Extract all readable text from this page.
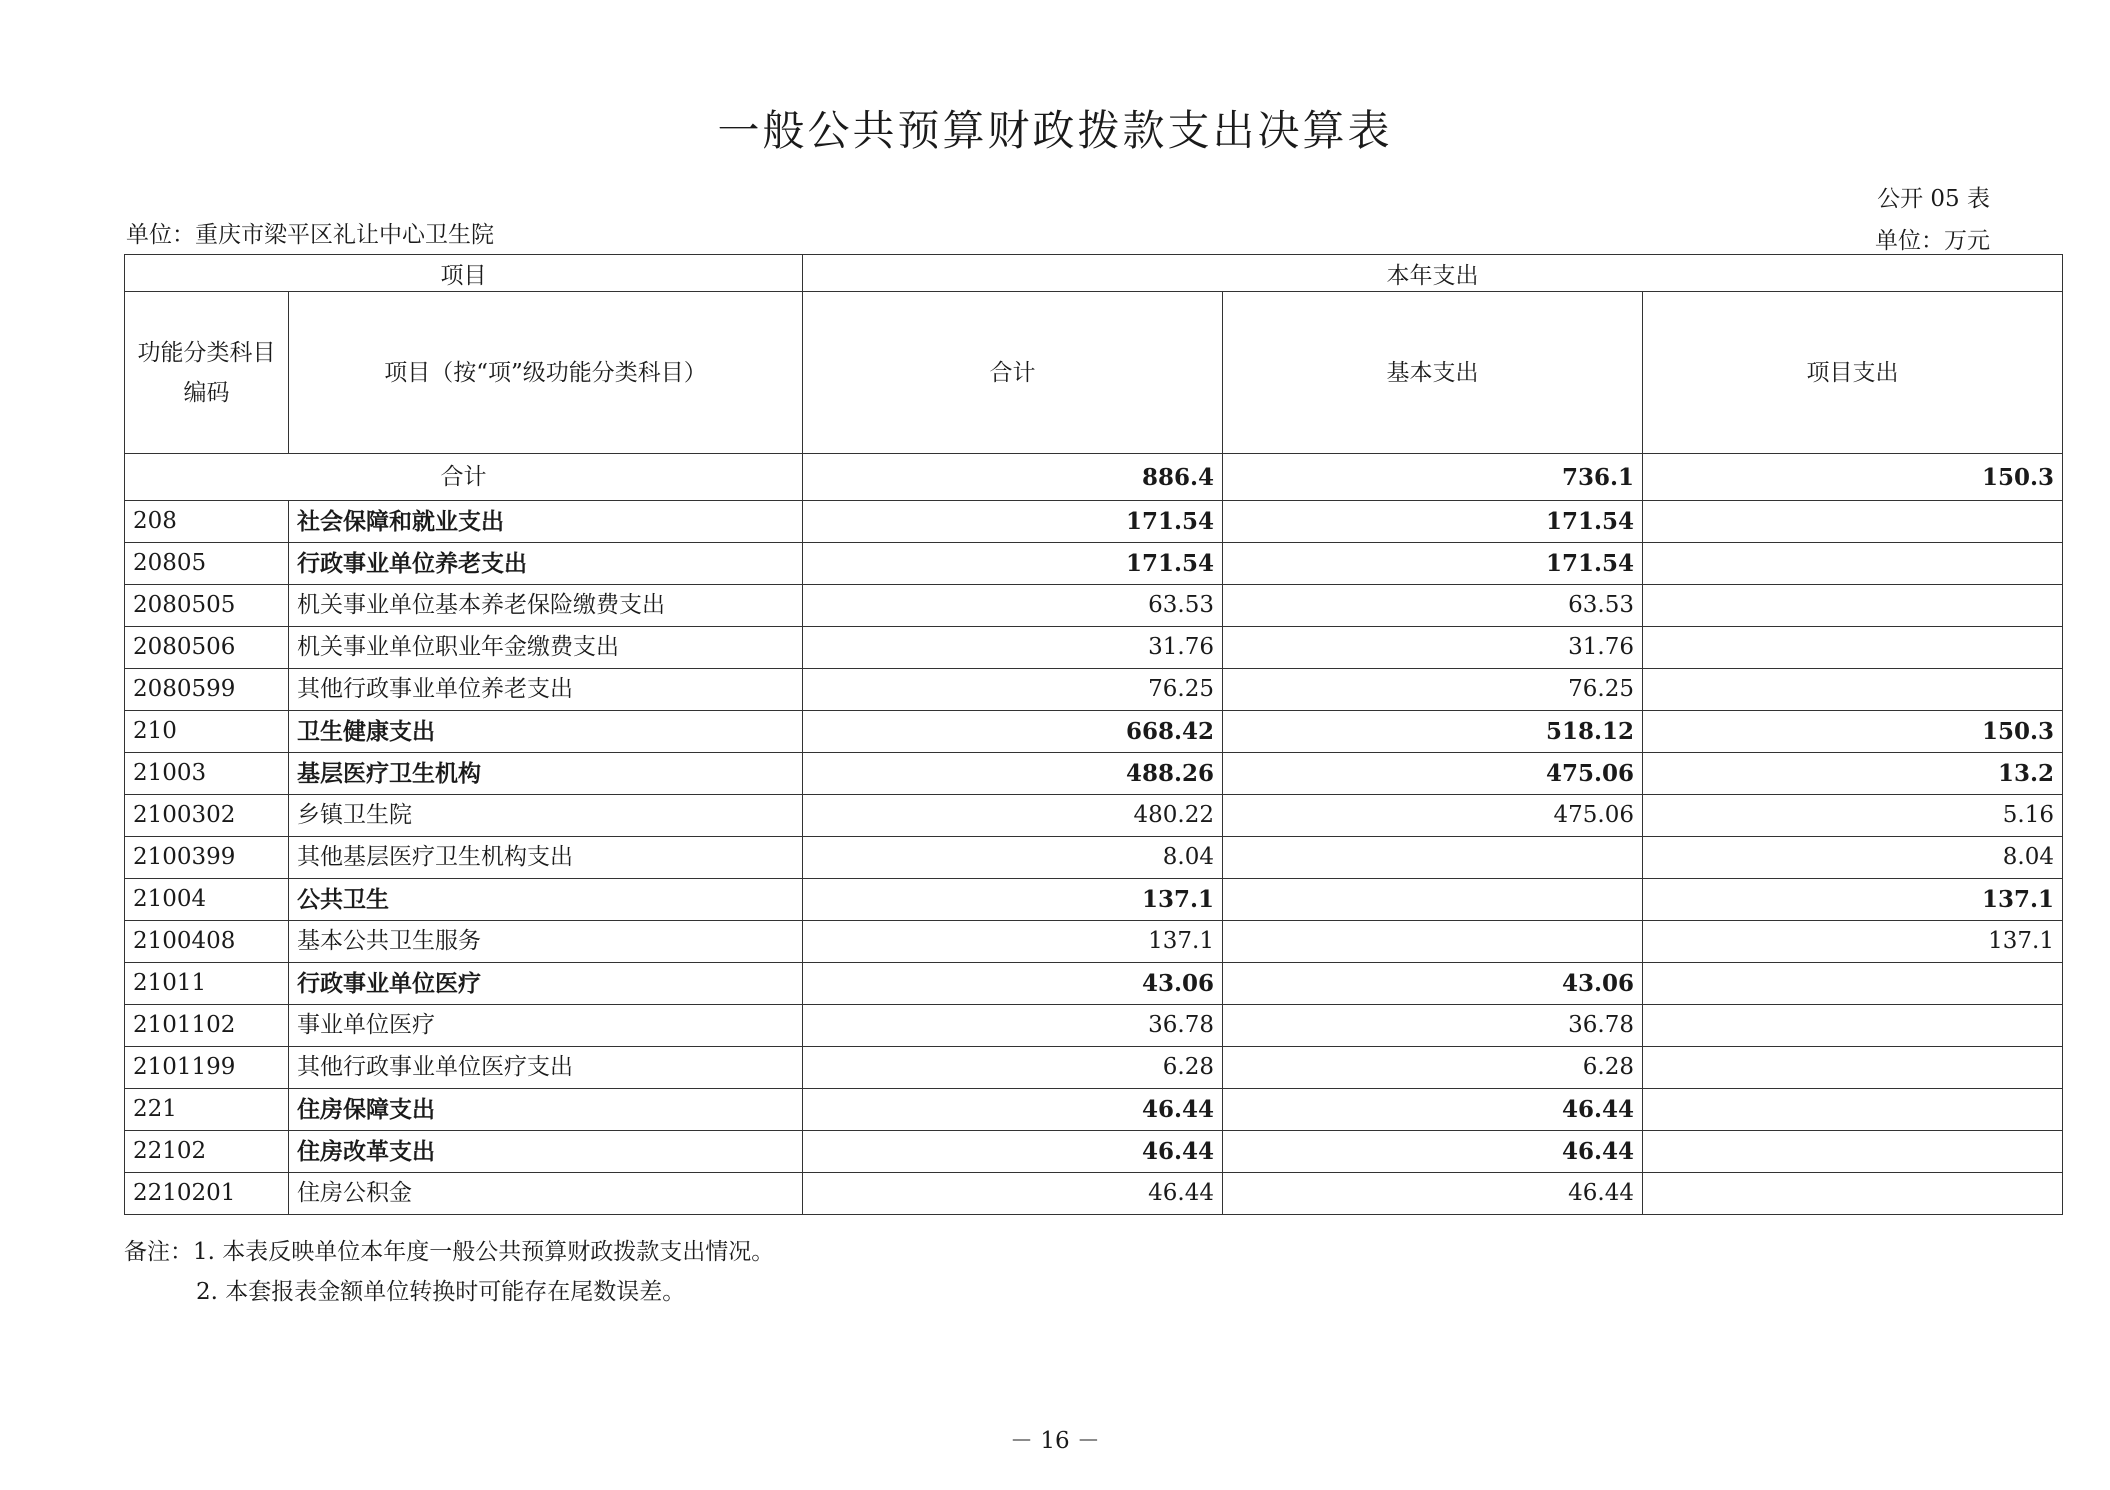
一般公共预算财政拨款支出决算表
公开 05 表
单位：重庆市梁平区礼让中心卫生院	单位：万元
项目		本年支出		

功能分类科目
编码	项目（按“项”级功能分类科目）	合计	基本支出	项目支出
合计		886.4	736.1	150.3
208	社会保障和就业支出	171.54	171.54	
20805	行政事业单位养老支出	171.54	171.54	
2080505	机关事业单位基本养老保险缴费支出	63.53	63.53	
2080506	机关事业单位职业年金缴费支出	31.76	31.76	
2080599	其他行政事业单位养老支出	76.25	76.25	
210	卫生健康支出	668.42	518.12	150.3
21003	基层医疗卫生机构	488.26	475.06	13.2
2100302	乡镇卫生院	480.22	475.06	5.16
2100399	其他基层医疗卫生机构支出	8.04		8.04
21004	公共卫生	137.1		137.1
2100408	基本公共卫生服务	137.1		137.1
21011	行政事业单位医疗	43.06	43.06	
2101102	事业单位医疗	36.78	36.78	
2101199	其他行政事业单位医疗支出	6.28	6.28	
221	住房保障支出	46.44	46.44	
22102	住房改革支出	46.44	46.44	
2210201	住房公积金	46.44	46.44	
备注：1. 本表反映单位本年度一般公共预算财政拨款支出情况。
2. 本套报表金额单位转换时可能存在尾数误差。
－ 16 －
